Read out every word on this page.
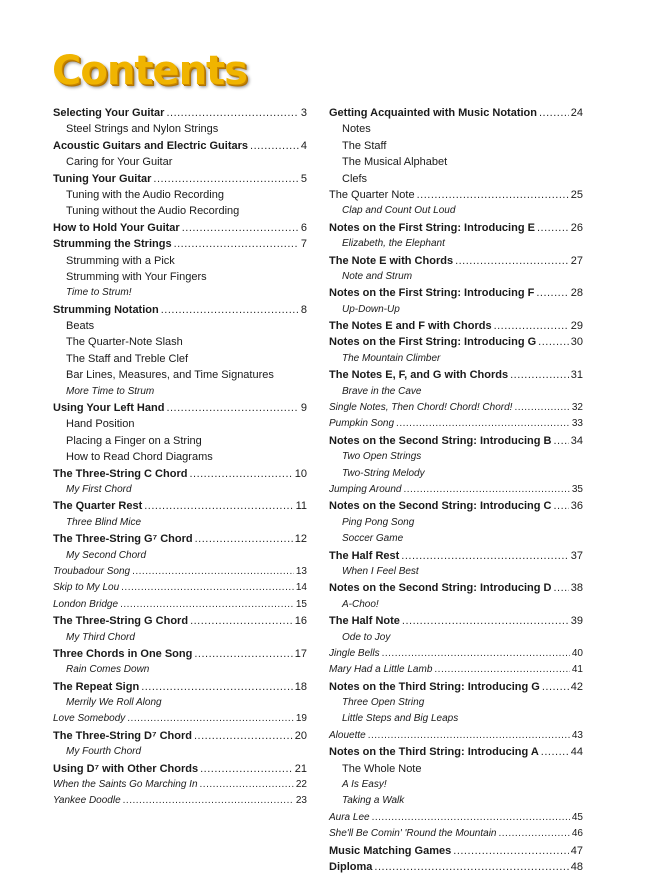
Contents
Selecting Your Guitar .....	3
Steel Strings and Nylon Strings
Acoustic Guitars and Electric Guitars .....	4
Caring for Your Guitar
Tuning Your Guitar .....	5
Tuning with the Audio Recording
Tuning without the Audio Recording
How to Hold Your Guitar .....	6
Strumming the Strings .....	7
Strumming with a Pick
Strumming with Your Fingers
Time to Strum!
Strumming Notation .....	8
Beats
The Quarter-Note Slash
The Staff and Treble Clef
Bar Lines, Measures, and Time Signatures
More Time to Strum
Using Your Left Hand .....	9
Hand Position
Placing a Finger on a String
How to Read Chord Diagrams
The Three-String C Chord .....	10
My First Chord
The Quarter Rest .....	11
Three Blind Mice
The Three-String G⁷ Chord .....	12
My Second Chord
Troubadour Song .....	13
Skip to My Lou .....	14
London Bridge .....	15
The Three-String G Chord .....	16
My Third Chord
Three Chords in One Song .....	17
Rain Comes Down
The Repeat Sign .....	18
Merrily We Roll Along
Love Somebody .....	19
The Three-String D⁷ Chord .....	20
My Fourth Chord
Using D⁷ with Other Chords .....	21
When the Saints Go Marching In .....	22
Yankee Doodle .....	23
Getting Acquainted with Music Notation .....	24
Notes
The Staff
The Musical Alphabet
Clefs
The Quarter Note .....	25
Clap and Count Out Loud
Notes on the First String: Introducing E .....	26
Elizabeth, the Elephant
The Note E with Chords .....	27
Note and Strum
Notes on the First String: Introducing F .....	28
Up-Down-Up
The Notes E and F with Chords .....	29
Notes on the First String: Introducing G .....	30
The Mountain Climber
The Notes E, F, and G with Chords .....	31
Brave in the Cave
Single Notes, Then Chord! Chord! Chord! .....	32
Pumpkin Song .....	33
Notes on the Second String: Introducing B ..... 34
Two Open Strings
Two-String Melody
Jumping Around .....	35
Notes on the Second String: Introducing C ..... 36
Ping Pong Song
Soccer Game
The Half Rest .....	37
When I Feel Best
Notes on the Second String: Introducing D ..... 38
A-Choo!
The Half Note .....	39
Ode to Joy
Jingle Bells .....	40
Mary Had a Little Lamb .....	41
Notes on the Third String: Introducing G .....	42
Three Open String
Little Steps and Big Leaps
Alouette .....	43
Notes on the Third String: Introducing A .....	44
The Whole Note
A Is Easy!
Taking a Walk
Aura Lee .....	45
She'll Be Comin' 'Round the Mountain .....	46
Music Matching Games .....	47
Diploma .....	48
